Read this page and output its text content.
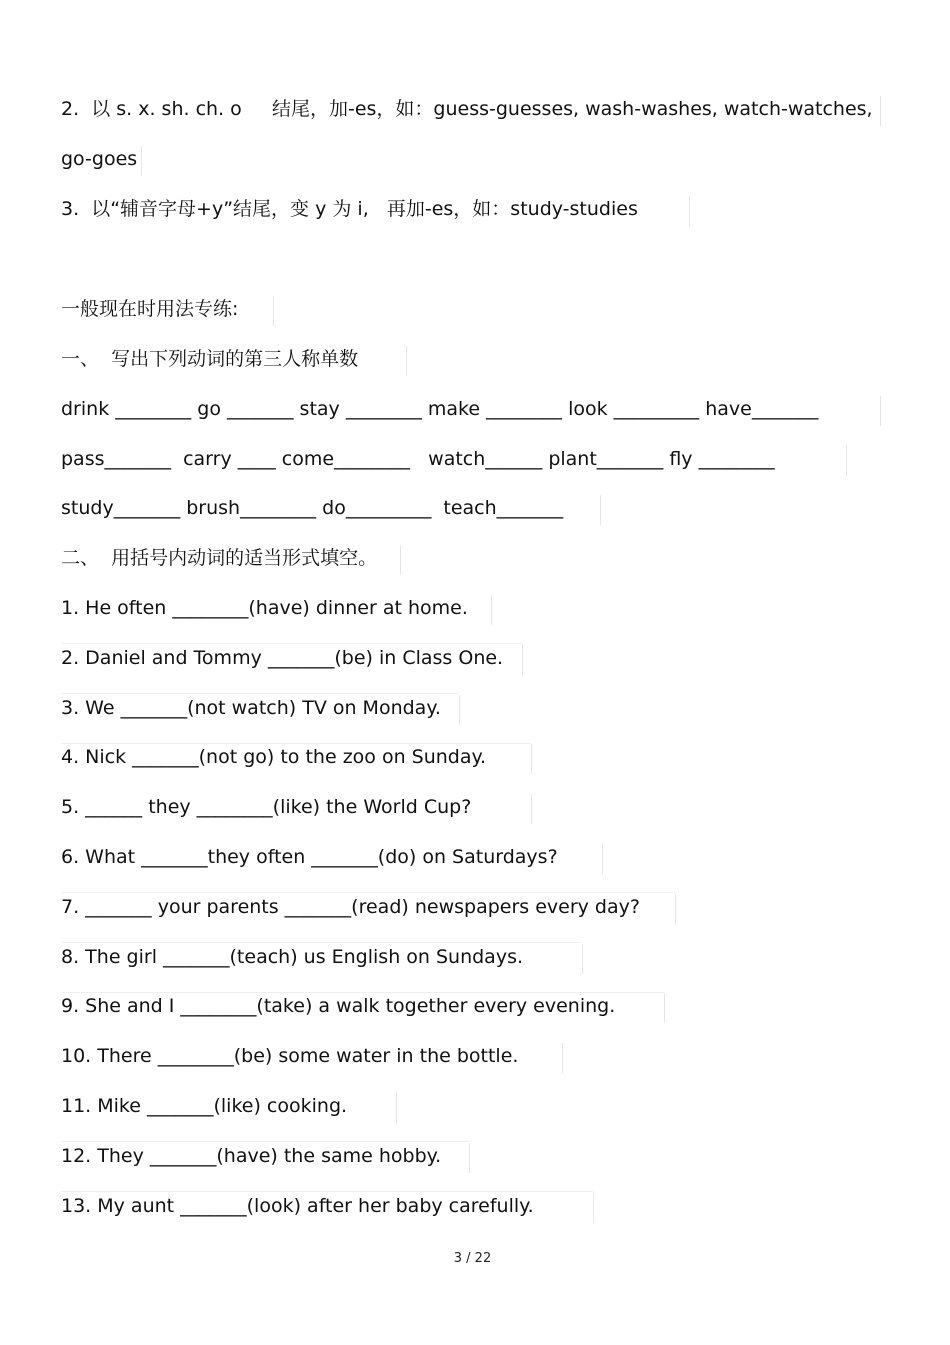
2.  以 s. x. sh. ch. o     结尾，加-es，如：guess-guesses, wash-washes, watch-watches,
go-goes
3.  以“辅音字母+y”结尾，变 y 为 i,   再加-es，如：study-studies
一般现在时用法专练:
一、  写出下列动词的第三人称单数
drink ________ go _______ stay ________ make ________ look _________ have_______
pass_______  carry ____ come________   watch______ plant_______ fly ________
study_______ brush________ do_________  teach_______
二、  用括号内动词的适当形式填空。
1. He often ________(have) dinner at home.
2. Daniel and Tommy _______(be) in Class One.
3. We _______(not watch) TV on Monday.
4. Nick _______(not go) to the zoo on Sunday.
5. ______ they ________(like) the World Cup?
6. What _______they often _______(do) on Saturdays?
7. _______ your parents _______(read) newspapers every day?
8. The girl _______(teach) us English on Sundays.
9. She and I ________(take) a walk together every evening.
10. There ________(be) some water in the bottle.
11. Mike _______(like) cooking.
12. They _______(have) the same hobby.
13. My aunt _______(look) after her baby carefully.
3 / 22
